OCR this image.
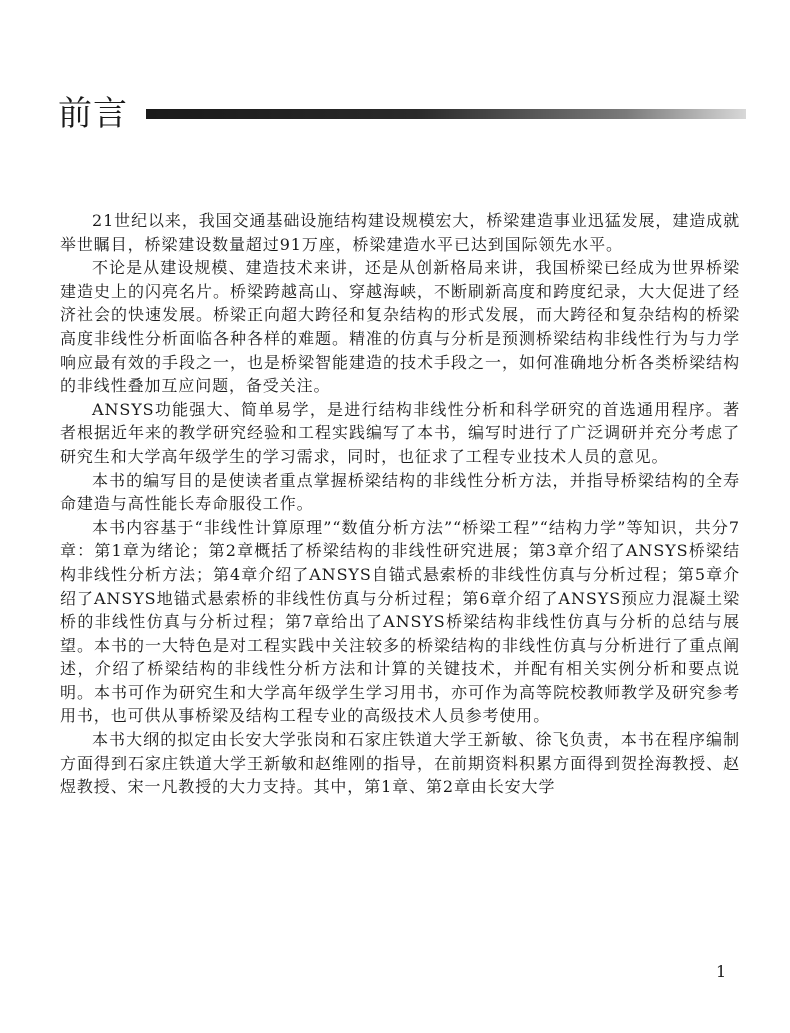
前言

21世纪以来，我国交通基础设施结构建设规模宏大，桥梁建造事业迅猛发展，建造成就举世瞩目，桥梁建设数量超过91万座，桥梁建造水平已达到国际领先水平。

不论是从建设规模、建造技术来讲，还是从创新格局来讲，我国桥梁已经成为世界桥梁建造史上的闪亮名片。桥梁跨越高山、穿越海峡，不断刷新高度和跨度纪录，大大促进了经济社会的快速发展。桥梁正向超大跨径和复杂结构的形式发展，而大跨径和复杂结构的桥梁高度非线性分析面临各种各样的难题。精准的仿真与分析是预测桥梁结构非线性行为与力学响应最有效的手段之一，也是桥梁智能建造的技术手段之一，如何准确地分析各类桥梁结构的非线性叠加互应问题，备受关注。

ANSYS功能强大、简单易学，是进行结构非线性分析和科学研究的首选通用程序。著者根据近年来的教学研究经验和工程实践编写了本书，编写时进行了广泛调研并充分考虑了研究生和大学高年级学生的学习需求，同时，也征求了工程专业技术人员的意见。

本书的编写目的是使读者重点掌握桥梁结构的非线性分析方法，并指导桥梁结构的全寿命建造与高性能长寿命服役工作。

本书内容基于“非线性计算原理”“数值分析方法”“桥梁工程”“结构力学”等知识，共分7章：第1章为绪论；第2章概括了桥梁结构的非线性研究进展；第3章介绍了ANSYS桥梁结构非线性分析方法；第4章介绍了ANSYS自锚式悬索桥的非线性仿真与分析过程；第5章介绍了ANSYS地锚式悬索桥的非线性仿真与分析过程；第6章介绍了ANSYS预应力混凝土梁桥的非线性仿真与分析过程；第7章给出了ANSYS桥梁结构非线性仿真与分析的总结与展望。本书的一大特色是对工程实践中关注较多的桥梁结构的非线性仿真与分析进行了重点阐述，介绍了桥梁结构的非线性分析方法和计算的关键技术，并配有相关实例分析和要点说明。本书可作为研究生和大学高年级学生学习用书，亦可作为高等院校教师教学及研究参考用书，也可供从事桥梁及结构工程专业的高级技术人员参考使用。

本书大纲的拟定由长安大学张岗和石家庄铁道大学王新敏、徐飞负责，本书在程序编制方面得到石家庄铁道大学王新敏和赵维刚的指导，在前期资料积累方面得到贺拴海教授、赵煜教授、宋一凡教授的大力支持。其中，第1章、第2章由长安大学

1
